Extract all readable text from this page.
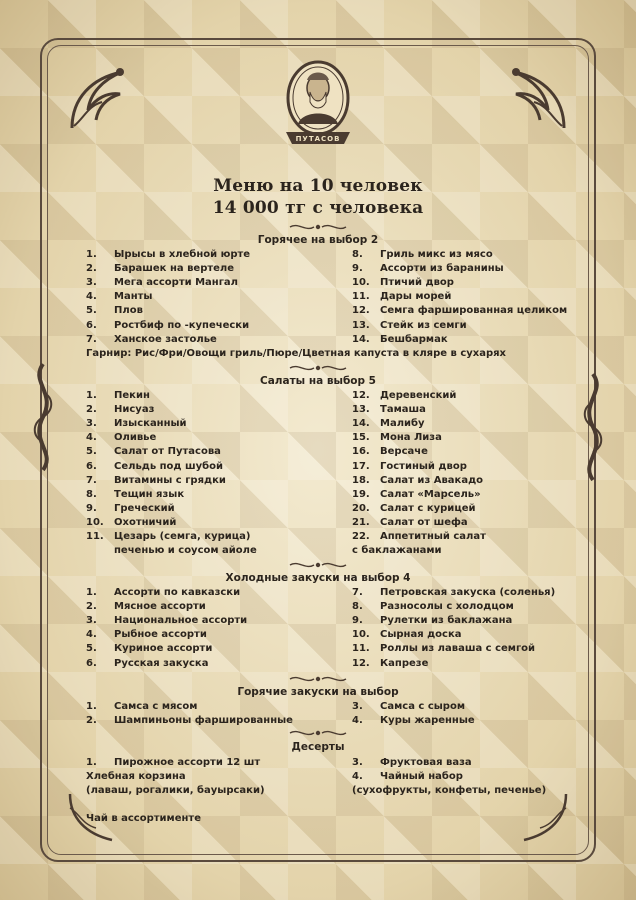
ПУТАСОВ
Меню на 10 человек
14 000 тг с человека
Горячее на выбор 2
1. Ырысы в хлебной юрте
2. Барашек на вертеле
3. Мега ассорти Мангал
4. Манты
5. Плов
6. Ростбиф по -купечески
7. Ханское застолье
8. Гриль микс из мясо
9. Ассорти из баранины
10. Птичий двор
11. Дары морей
12. Семга фаршированная целиком
13. Стейк из семги
14. Бешбармак
Гарнир: Рис/Фри/Овощи гриль/Пюре/Цветная капуста в кляре в сухарях
Салаты на выбор 5
1. Пекин
2. Нисуаз
3. Изысканный
4. Оливье
5. Салат от Путасова
6. Сельдь под шубой
7. Витамины с грядки
8. Тещин язык
9. Греческий
10. Охотничий
11. Цезарь (семга, курица)
12. Деревенский
13. Тамаша
14. Малибу
15. Мона Лиза
16. Версаче
17. Гостиный двор
18. Салат из Авакадо
19. Салат «Марсель»
20. Салат с курицей
21. Салат от шефа
22. Аппетитный салат
печенью и соусом айоле	с баклажанами
Холодные закуски на выбор 4
1. Ассорти по кавказски
2. Мясное ассорти
3. Национальное ассорти
4. Рыбное ассорти
5. Куриное ассорти
6. Русская закуска
7. Петровская закуска (соленья)
8. Разносолы с холодцом
9. Рулетки из баклажана
10. Сырная доска
11. Роллы из лаваша с семгой
12. Капрезе
Горячие закуски на выбор
1. Самса с мясом
2. Шампиньоны фаршированные
3. Самса с сыром
4. Куры жаренные
Десерты
1. Пирожное ассорти 12 шт	3. Фруктовая ваза
Хлебная корзина	4. Чайный набор
(лаваш, рогалики, бауырсаки)	(сухофрукты, конфеты, печенье)
Чай в ассортименте
